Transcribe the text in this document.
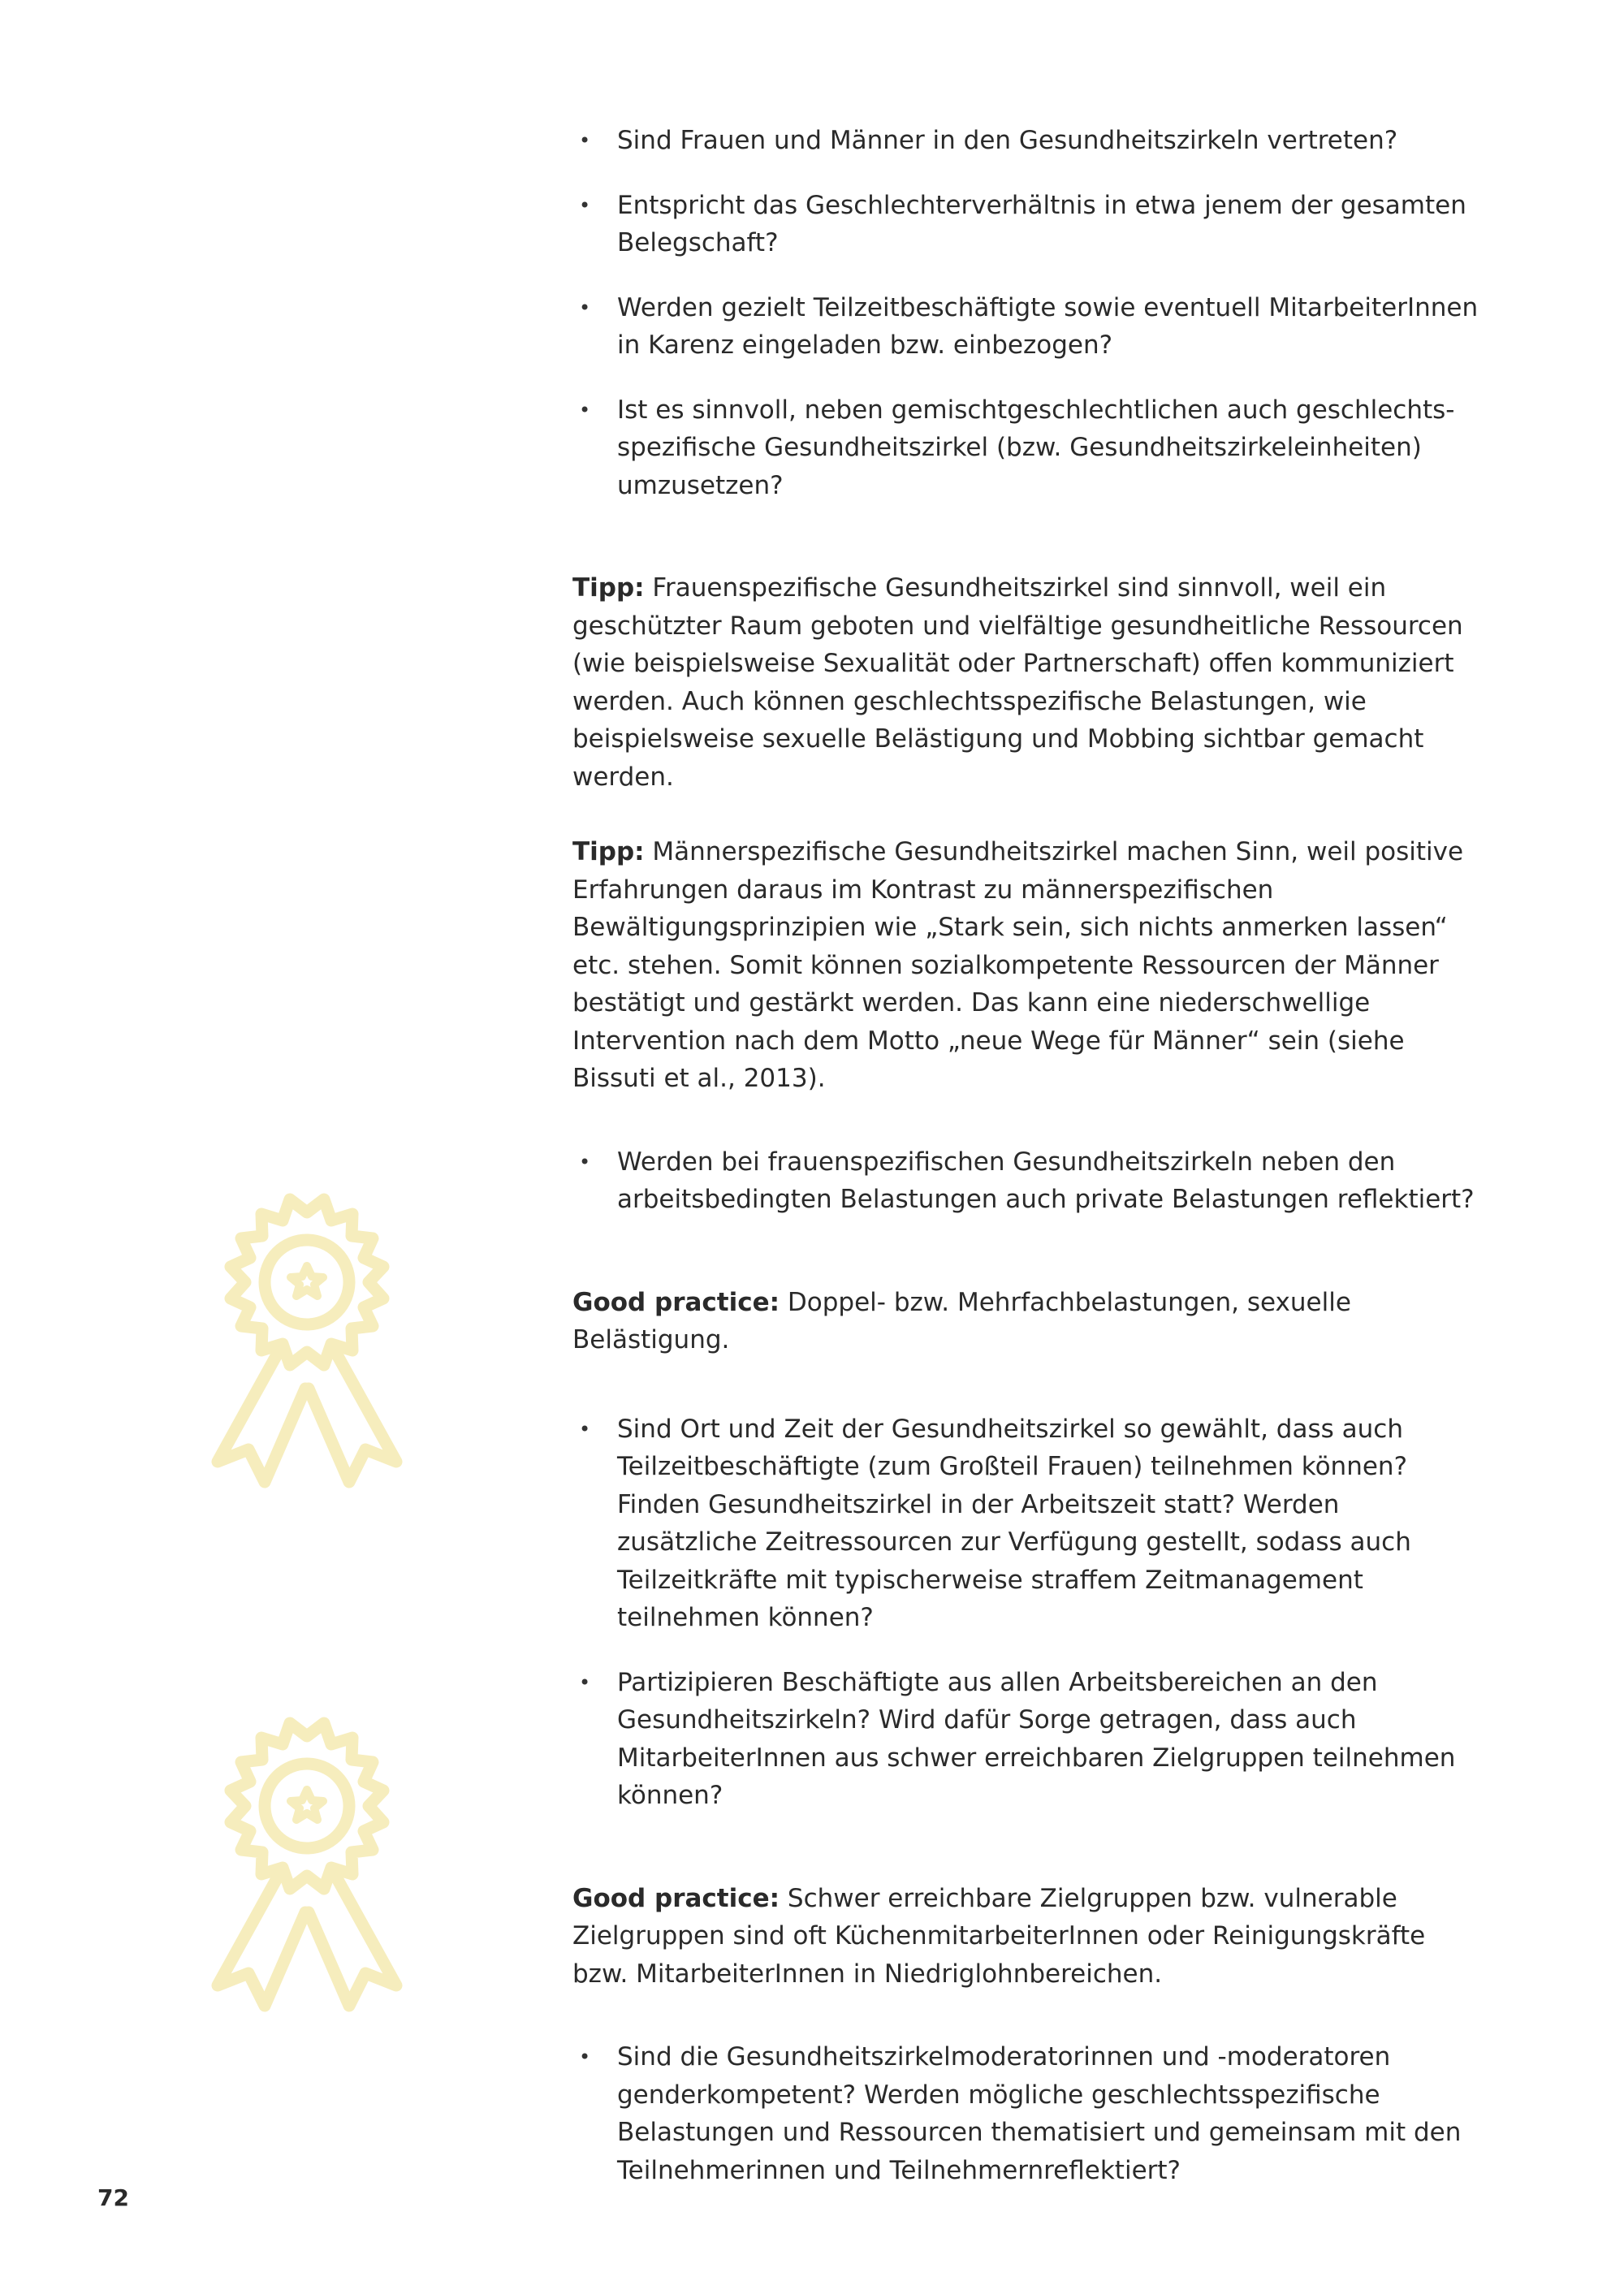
• Sind Frauen und Männer in den Gesundheitszirkeln vertreten?
• Entspricht das Geschlechterverhältnis in etwa jenem der gesamten Belegschaft?
• Werden gezielt Teilzeitbeschäftigte sowie eventuell MitarbeiterInnen in Karenz eingeladen bzw. einbezogen?
• Ist es sinnvoll, neben gemischtgeschlechtlichen auch geschlechts-spezifische Gesundheitszirkel (bzw. Gesundheitszirkeleinheiten) umzusetzen?

Tipp: Frauenspezifische Gesundheitszirkel sind sinnvoll, weil ein geschützter Raum geboten und vielfältige gesundheitliche Ressourcen (wie beispielsweise Sexualität oder Partnerschaft) offen kommuniziert werden. Auch können geschlechtsspezifische Belastungen, wie beispielsweise sexuelle Belästigung und Mobbing sichtbar gemacht werden.

Tipp: Männerspezifische Gesundheitszirkel machen Sinn, weil positive Erfahrungen daraus im Kontrast zu männerspezifischen Bewältigungsprinzipien wie „Stark sein, sich nichts anmerken lassen“ etc. stehen. Somit können sozialkompetente Ressourcen der Männer bestätigt und gestärkt werden. Das kann eine niederschwellige Intervention nach dem Motto „neue Wege für Männer“ sein (siehe Bissuti et al., 2013).

• Werden bei frauenspezifischen Gesundheitszirkeln neben den arbeitsbedingten Belastungen auch private Belastungen reflektiert?

Good practice: Doppel- bzw. Mehrfachbelastungen, sexuelle Belästigung.

• Sind Ort und Zeit der Gesundheitszirkel so gewählt, dass auch Teilzeitbeschäftigte (zum Großteil Frauen) teilnehmen können? Finden Gesundheitszirkel in der Arbeitszeit statt? Werden zusätzliche Zeitressourcen zur Verfügung gestellt, sodass auch Teilzeitkräfte mit typischerweise straffem Zeitmanagement teilnehmen können?
• Partizipieren Beschäftigte aus allen Arbeitsbereichen an den Gesundheitszirkeln? Wird dafür Sorge getragen, dass auch MitarbeiterInnen aus schwer erreichbaren Zielgruppen teilnehmen können?

Good practice: Schwer erreichbare Zielgruppen bzw. vulnerable Zielgruppen sind oft KüchenmitarbeiterInnen oder Reinigungskräfte bzw. MitarbeiterInnen in Niedriglohnbereichen.

• Sind die Gesundheitszirkelmoderatorinnen und -moderatoren genderkompetent? Werden mögliche geschlechtsspezifische Belastungen und Ressourcen thematisiert und gemeinsam mit den Teilnehmerinnen und Teilnehmernreflektiert?
72
